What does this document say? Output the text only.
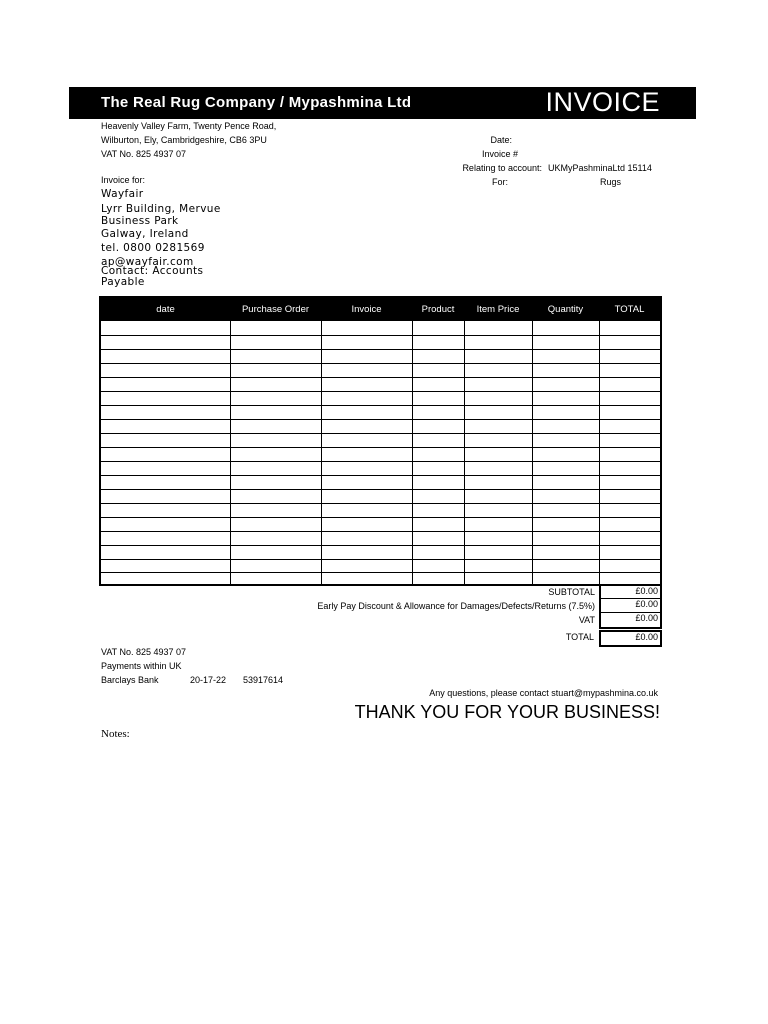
The Real Rug Company / Mypashmina Ltd	INVOICE
Heavenly Valley Farm, Twenty Pence Road,
Wilburton, Ely, Cambridgeshire, CB6 3PU
VAT No. 825 4937 07
Date:
Invoice #
Relating to account: UKMyPashminaLtd 15114
For:	Rugs
Invoice for:
Wayfair
Lyrr Building, Mervue
Business Park
Galway, Ireland
tel. 0800 0281569
ap@wayfair.com
Contact: Accounts
Payable
date	Purchase Order	Invoice	Product	Item Price	Quantity	TOTAL
SUBTOTAL	£0.00
Early Pay Discount & Allowance for Damages/Defects/Returns (7.5%)	£0.00
VAT	£0.00
TOTAL	£0.00
VAT No. 825 4937 07
Payments within UK
Barclays Bank	20-17-22 53917614
Any questions, please contact stuart@mypashmina.co.uk
THANK YOU FOR YOUR BUSINESS!
Notes:
